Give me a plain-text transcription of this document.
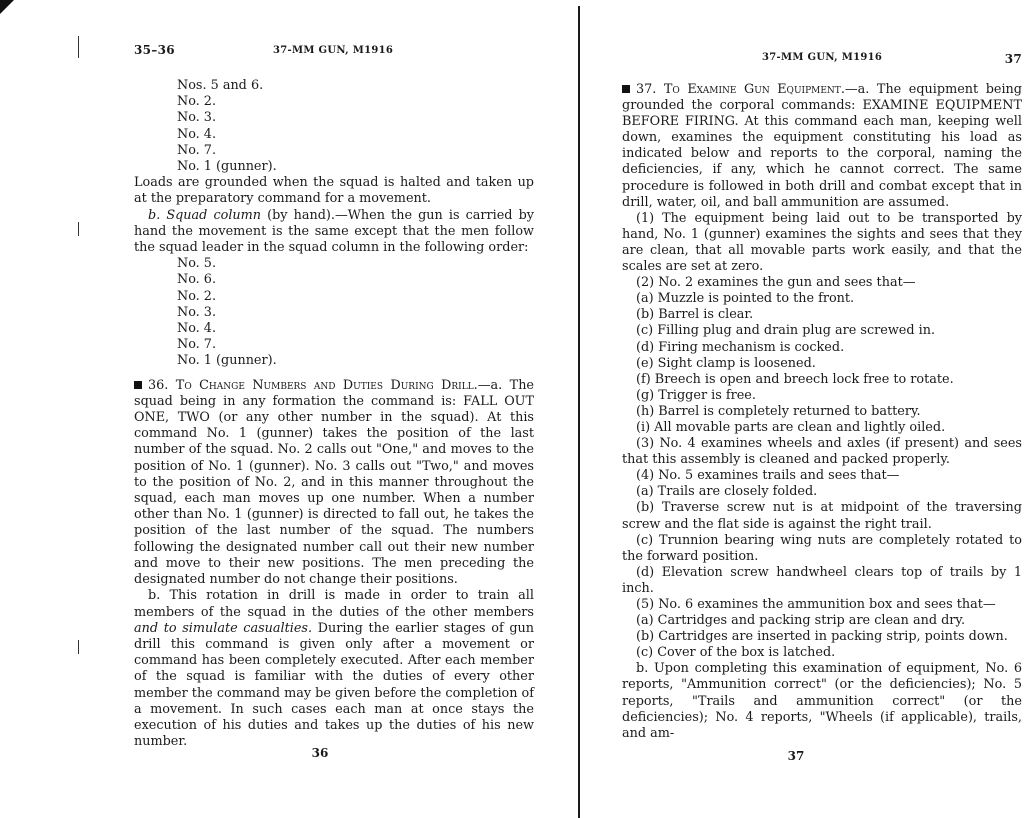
35–36	37-MM GUN, M1916

Nos. 5 and 6.

No. 2.

No. 3.

No. 4.

No. 7.

No. 1 (gunner).

Loads are grounded when the squad is halted and taken up at the preparatory command for a movement.

b. Squad column (by hand).—When the gun is carried by hand the movement is the same except that the men follow the squad leader in the squad column in the following order:

No. 5.

No. 6.

No. 2.

No. 3.

No. 4.

No. 7.

No. 1 (gunner).

36. To Change Numbers and Duties During Drill.—a. The squad being in any formation the command is: FALL OUT ONE, TWO (or any other number in the squad). At this command No. 1 (gunner) takes the position of the last number of the squad. No. 2 calls out "One," and moves to the position of No. 1 (gunner). No. 3 calls out "Two," and moves to the position of No. 2, and in this manner throughout the squad, each man moves up one number. When a number other than No. 1 (gunner) is directed to fall out, he takes the position of the last number of the squad. The numbers following the designated number call out their new number and move to their new positions. The men preceding the designated number do not change their positions.

b. This rotation in drill is made in order to train all members of the squad in the duties of the other members and to simulate casualties. During the earlier stages of gun drill this command is given only after a movement or command has been completely executed. After each member of the squad is familiar with the duties of every other member the command may be given before the completion of a movement. In such cases each man at once stays the execution of his duties and takes up the duties of his new number.

36
37-MM GUN, M1916	37

37. To Examine Gun Equipment.—a. The equipment being grounded the corporal commands: EXAMINE EQUIPMENT BEFORE FIRING. At this command each man, keeping well down, examines the equipment constituting his load as indicated below and reports to the corporal, naming the deficiencies, if any, which he cannot correct. The same procedure is followed in both drill and combat except that in drill, water, oil, and ball ammunition are assumed.

(1) The equipment being laid out to be transported by hand, No. 1 (gunner) examines the sights and sees that they are clean, that all movable parts work easily, and that the scales are set at zero.

(2) No. 2 examines the gun and sees that—

(a) Muzzle is pointed to the front.

(b) Barrel is clear.

(c) Filling plug and drain plug are screwed in.

(d) Firing mechanism is cocked.

(e) Sight clamp is loosened.

(f) Breech is open and breech lock free to rotate.

(g) Trigger is free.

(h) Barrel is completely returned to battery.

(i) All movable parts are clean and lightly oiled.

(3) No. 4 examines wheels and axles (if present) and sees that this assembly is cleaned and packed properly.

(4) No. 5 examines trails and sees that—

(a) Trails are closely folded.

(b) Traverse screw nut is at midpoint of the traversing screw and the flat side is against the right trail.

(c) Trunnion bearing wing nuts are completely rotated to the forward position.

(d) Elevation screw handwheel clears top of trails by 1 inch.

(5) No. 6 examines the ammunition box and sees that—

(a) Cartridges and packing strip are clean and dry.

(b) Cartridges are inserted in packing strip, points down.

(c) Cover of the box is latched.

b. Upon completing this examination of equipment, No. 6 reports, "Ammunition correct" (or the deficiencies); No. 5 reports, "Trails and ammunition correct" (or the deficiencies); No. 4 reports, "Wheels (if applicable), trails, and am-

37
